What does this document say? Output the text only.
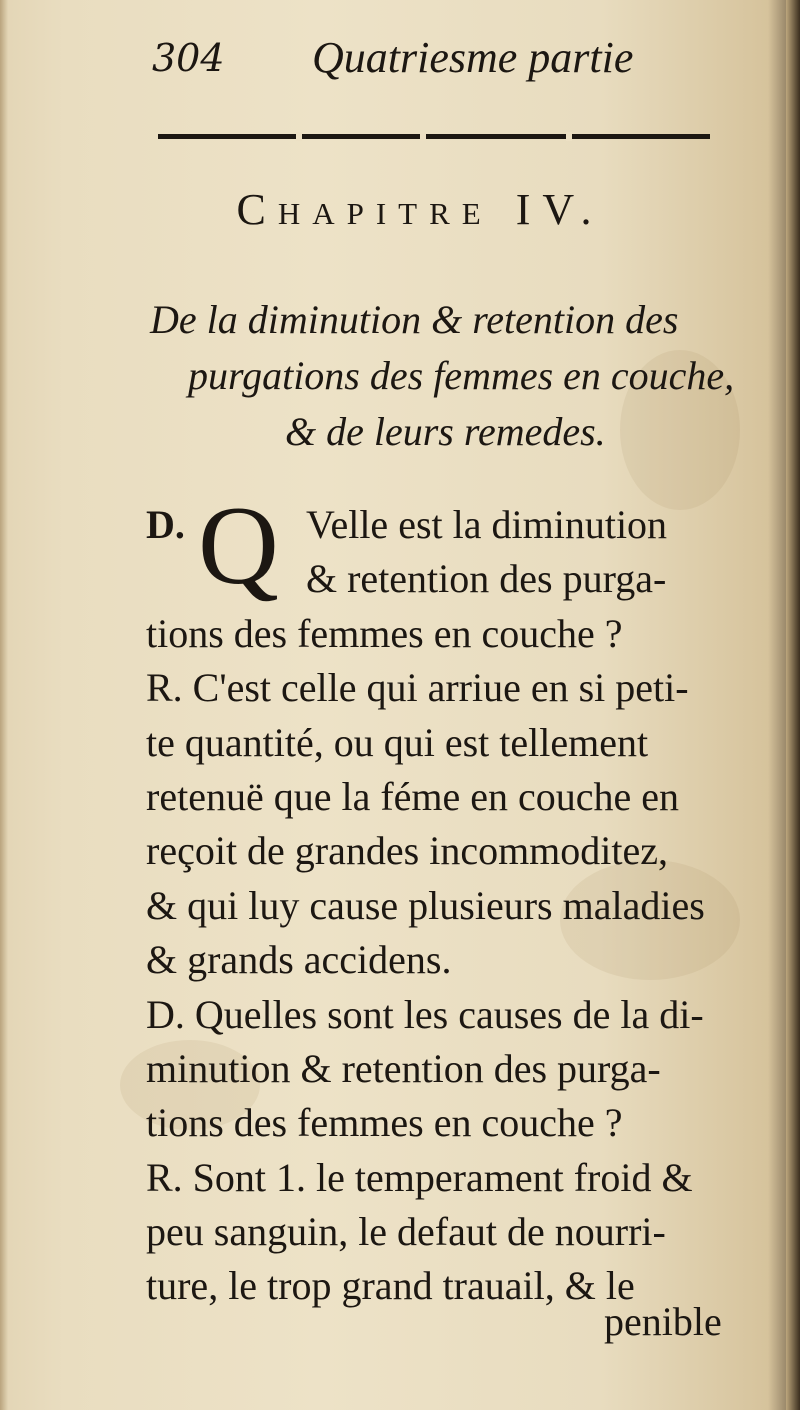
304 Quatriesme partie
Chapitre IV.
De la diminution & retention des
purgations des femmes en couche,
& de leurs remedes.
D. Q Velle est la diminution
& retention des purga-
tions des femmes en couche ?
R. C'est celle qui arriue en si peti-
te quantité, ou qui est tellement
retenuë que la féme en couche en
reçoit de grandes incommoditez,
& qui luy cause plusieurs maladies
& grands accidens.
D. Quelles sont les causes de la di-
minution & retention des purga-
tions des femmes en couche ?
R. Sont 1. le temperament froid &
peu sanguin, le defaut de nourri-
ture, le trop grand trauail, & le
penible
